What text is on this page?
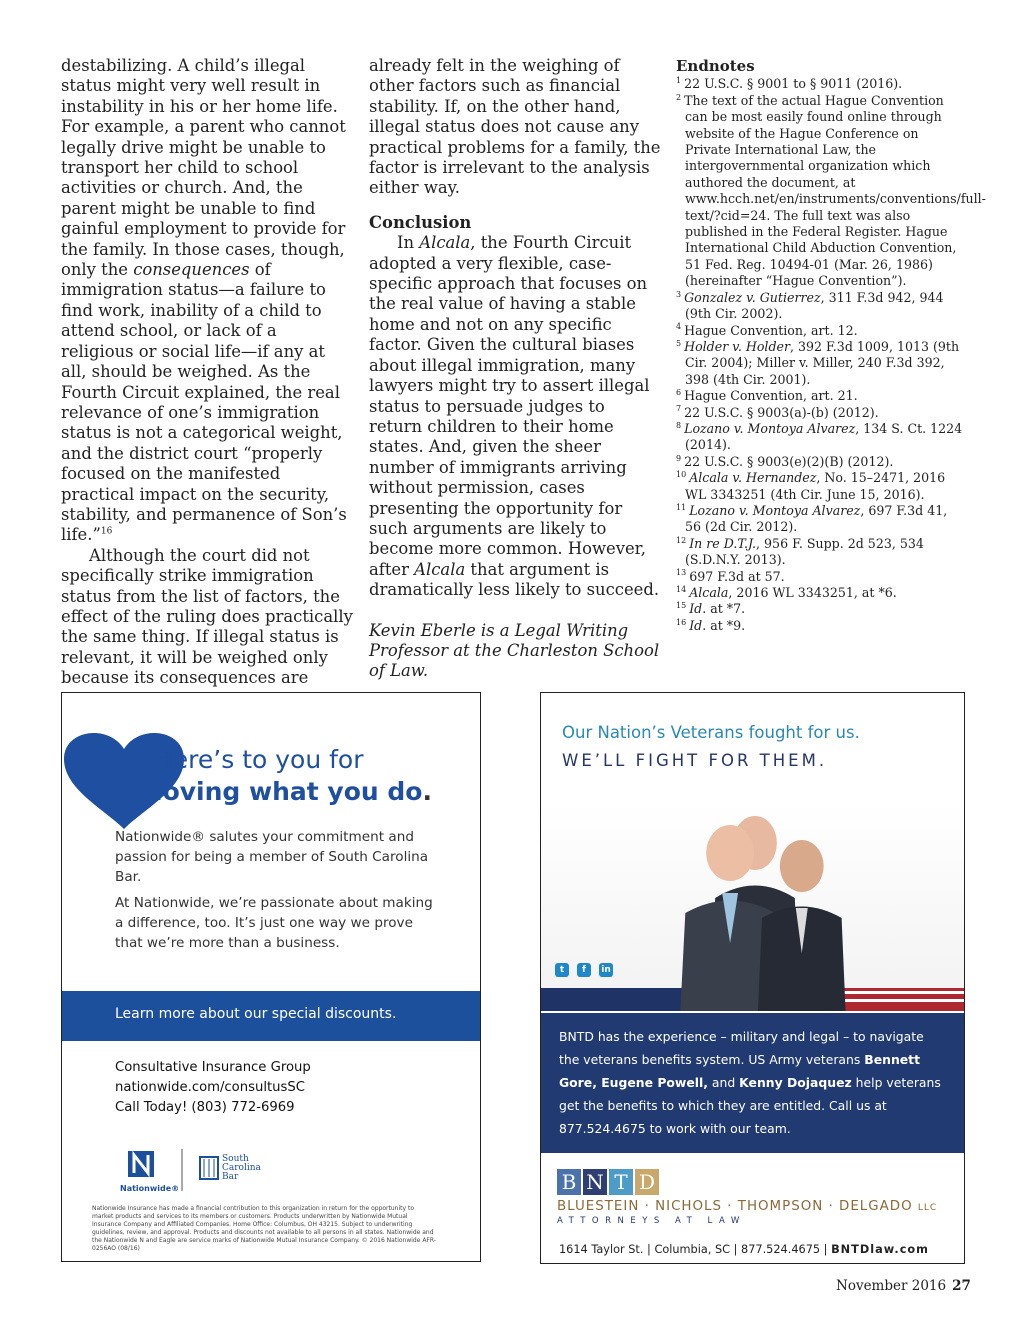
destabilizing. A child’s illegal status might very well result in instability in his or her home life. For example, a parent who cannot legally drive might be unable to transport her child to school activities or church. And, the parent might be unable to find gainful employment to provide for the family. In those cases, though, only the consequences of immigration status—a failure to find work, inability of a child to attend school, or lack of a religious or social life—if any at all, should be weighed. As the Fourth Circuit explained, the real relevance of one’s immigration status is not a categorical weight, and the district court “properly focused on the manifested practical impact on the security, stability, and permanence of Son’s life.”$^{16}$

Although the court did not specifically strike immigration status from the list of factors, the effect of the ruling does practically the same thing. If illegal status is relevant, it will be weighed only because its consequences are

already felt in the weighing of other factors such as financial stability. If, on the other hand, illegal status does not cause any practical problems for a family, the factor is irrelevant to the analysis either way.

Conclusion

In Alcala, the Fourth Circuit adopted a very flexible, case-specific approach that focuses on the real value of having a stable home and not on any specific factor. Given the cultural biases about illegal immigration, many lawyers might try to assert illegal status to persuade judges to return children to their home states. And, given the sheer number of immigrants arriving without permission, cases presenting the opportunity for such arguments are likely to become more common. However, after Alcala that argument is dramatically less likely to succeed.

Kevin Eberle is a Legal Writing Professor at the Charleston School of Law.

Endnotes

$^1$ 22 U.S.C. § 9001 to § 9011 (2016).

$^2$ The text of the actual Hague Convention can be most easily found online through website of the Hague Conference on Private International Law, the intergovernmental organization which authored the document, at www.hcch.net/en/instruments/conventions/full-text/?cid=24. The full text was also published in the Federal Register. Hague International Child Abduction Convention, 51 Fed. Reg. 10494-01 (Mar. 26, 1986) (hereinafter “Hague Convention”).

$^3$ Gonzalez v. Gutierrez, 311 F.3d 942, 944 (9th Cir. 2002).

$^4$ Hague Convention, art. 12.

$^5$ Holder v. Holder, 392 F.3d 1009, 1013 (9th Cir. 2004); Miller v. Miller, 240 F.3d 392, 398 (4th Cir. 2001).

$^6$ Hague Convention, art. 21.

$^7$ 22 U.S.C. § 9003(a)-(b) (2012).

$^8$ Lozano v. Montoya Alvarez, 134 S. Ct. 1224 (2014).

$^9$ 22 U.S.C. § 9003(e)(2)(B) (2012).

$^{10}$ Alcala v. Hernandez, No. 15–2471, 2016 WL 3343251 (4th Cir. June 15, 2016).

$^{11}$ Lozano v. Montoya Alvarez, 697 F.3d 41, 56 (2d Cir. 2012).

$^{12}$ In re D.T.J., 956 F. Supp. 2d 523, 534 (S.D.N.Y. 2013).

$^{13}$ 697 F.3d at 57.

$^{14}$ Alcala, 2016 WL 3343251, at *6.

$^{15}$ Id. at *7.

$^{16}$ Id. at *9.

Here’s to you for

loving what you do.

Nationwide® salutes your commitment and passion for being a member of South Carolina Bar.

At Nationwide, we’re passionate about making a difference, too. It’s just one way we prove that we’re more than a business.

Learn more about our special discounts.

Consultative Insurance Group

nationwide.com/consultusSC

Call Today! (803) 772-6969

Nationwide®
South
Carolina
Bar

Nationwide Insurance has made a financial contribution to this organization in return for the opportunity to market products and services to its members or customers. Products underwritten by Nationwide Mutual Insurance Company and Affiliated Companies. Home Office: Columbus, OH 43215. Subject to underwriting guidelines, review, and approval. Products and discounts not available to all persons in all states. Nationwide and the Nationwide N and Eagle are service marks of Nationwide Mutual Insurance Company. © 2016 Nationwide AFR-0256AO (08/16)

Our Nation’s Veterans fought for us.

WE’LL FIGHT FOR THEM.

t	f	in

BNTD has the experience – military and legal – to navigate the veterans benefits system. US Army veterans Bennett Gore, Eugene Powell, and Kenny Dojaquez help veterans get the benefits to which they are entitled. Call us at 877.524.4675 to work with our team.

B N T D

BLUESTEIN · NICHOLS · THOMPSON · DELGADO LLC

ATTORNEYS AT LAW

1614 Taylor St. | Columbia, SC | 877.524.4675 | BNTDlaw.com

November 2016 27
